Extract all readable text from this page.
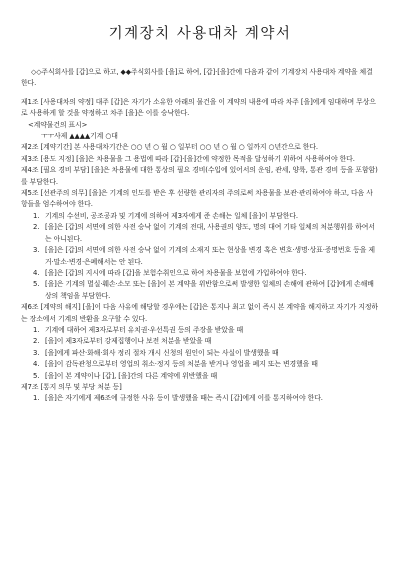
기계장치 사용대차 계약서

◇◇주식회사를 [갑]으로 하고, ◆◆주식회사를 [을]로 하여, [갑]·[을]간에 다음과 같이 기계장치 사용대차 계약을 체결한다.

제1조 [사용대차의 약정] 대주 [갑]은 자기가 소유한 아래의 물건을 이 계약의 내용에 따라 차주 [을]에게 임대하며 무상으로 사용하게 할 것을 약정하고 차주 [을]은 이를 승낙한다.

<계약물건의 표시>

ㅜㅜ사제 ▲▲▲▲기계 ○대

제2조 [계약기간] 본 사용대차기간은 ○○ 년 ○ 월 ○ 일부터 ○○ 년 ○ 월 ○ 일까지 ○년간으로 한다.

제3조 [용도 지정] [을]은 차용물을 그 용법에 따라 [갑]·[을]간에 약정한 목적을 달성하기 위하여 사용하여야 한다.

제4조 [필요 경비 부담] [을]은 차용물에 대한 통상의 필요 경비(수입에 있어서의 운임, 관세, 양륙, 통관 경비 등을 포함함)를 부담한다.

제5조 [선관주의 의무] [을]은 기계의 인도를 받은 후 선량한 관리자의 주의로써 차용물을 보관·관리하여야 하고, 다음 사항들을 엄수하여야 한다.

1. 기계의 수선비, 공조공과 및 기계에 의하여 제3자에게 준 손해는 일체 [을]이 부담한다.
2. [을]은 [갑]의 서면에 의한 사전 승낙 없이 기계의 전대, 사용권의 양도, 명의 대여 기타 일체의 처분행위를 하여서는 아니된다.
3. [을]은 [갑]의 서면에 의한 사전 승낙 없이 기계의 소재지 또는 현상을 변경 혹은 변호·생명·상표·증명번호 등을 제거·말소·변경·은폐해서는 안 된다.
4. [을]은 [갑]의 지시에 따라 [갑]을 보험수취인으로 하여 차용물을 보험에 가입하여야 한다.
5. [을]은 기계의 멸실·훼손·소모 또는 [을]이 본 계약을 위반함으로써 발생한 일체의 손해에 관하여 [갑]에게 손해배상의 책임을 부담한다.

제6조 [계약의 해지] [을]이 다음 사유에 해당할 경우에는 [갑]은 통지나 최고 없이 즉시 본 계약을 해지하고 자기가 지정하는 장소에서 기계의 반환을 요구할 수 있다.

1. 기계에 대하여 제3자로부터 유치권·우선특권 등의 주장을 받았을 때
2. [을]이 제3자로부터 강제집행이나 보전 처분을 받았을 때
3. [을]에게 파산·화해·회사 정리 절차 개시 신청의 원인이 되는 사실이 발생했을 때
4. [을]이 감독관청으로부터 영업의 취소·정지 등의 처분을 받거나 영업을 폐지 또는 변경했을 때
5. [을]이 본 계약이나 [갑], [을]간의 다른 계약에 위반했을 때

제7조 [통지 의무 및 부당 처분 등]

1. [을]은 자기에게 제6조에 규정한 사유 등이 발생했을 때는 즉시 [갑]에게 이를 통지하여야 한다.
